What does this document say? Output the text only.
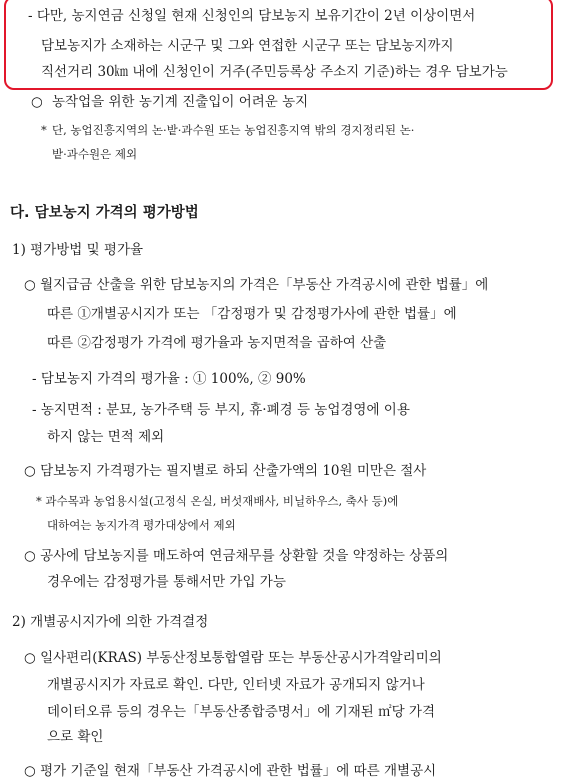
- 다만, 농지연금 신청일 현재 신청인의 담보농지 보유기간이 2년 이상이면서
담보농지가 소재하는 시군구 및 그와 연접한 시군구 또는 담보농지까지
직선거리 30㎞ 내에 신청인이 거주(주민등록상 주소지 기준)하는 경우 담보가능
○ 농작업을 위한 농기계 진출입이 어려운 농지
* 단, 농업진흥지역의 논·밭·과수원 또는 농업진흥지역 밖의 경지정리된 논·
밭·과수원은 제외
다. 담보농지 가격의 평가방법
1) 평가방법 및 평가율
○ 월지급금 산출을 위한 담보농지의 가격은「부동산 가격공시에 관한 법률」에
따른 ①개별공시지가 또는 「감정평가 및 감정평가사에 관한 법률」에
따른 ②감정평가 가격에 평가율과 농지면적을 곱하여 산출
- 담보농지 가격의 평가율 : ① 100%, ② 90%
- 농지면적 : 분묘, 농가주택 등 부지, 휴·폐경 등 농업경영에 이용
하지 않는 면적 제외
○ 담보농지 가격평가는 필지별로 하되 산출가액의 10원 미만은 절사
* 과수목과 농업용시설(고정식 온실, 버섯재배사, 비닐하우스, 축사 등)에
대하여는 농지가격 평가대상에서 제외
○ 공사에 담보농지를 매도하여 연금채무를 상환할 것을 약정하는 상품의
경우에는 감정평가를 통해서만 가입 가능
2) 개별공시지가에 의한 가격결정
○ 일사편리(KRAS) 부동산정보통합열람 또는 부동산공시가격알리미의
개별공시지가 자료로 확인. 다만, 인터넷 자료가 공개되지 않거나
데이터오류 등의 경우는「부동산종합증명서」에 기재된 ㎡당 가격
으로 확인
○ 평가 기준일 현재「부동산 가격공시에 관한 법률」에 따른 개별공시
